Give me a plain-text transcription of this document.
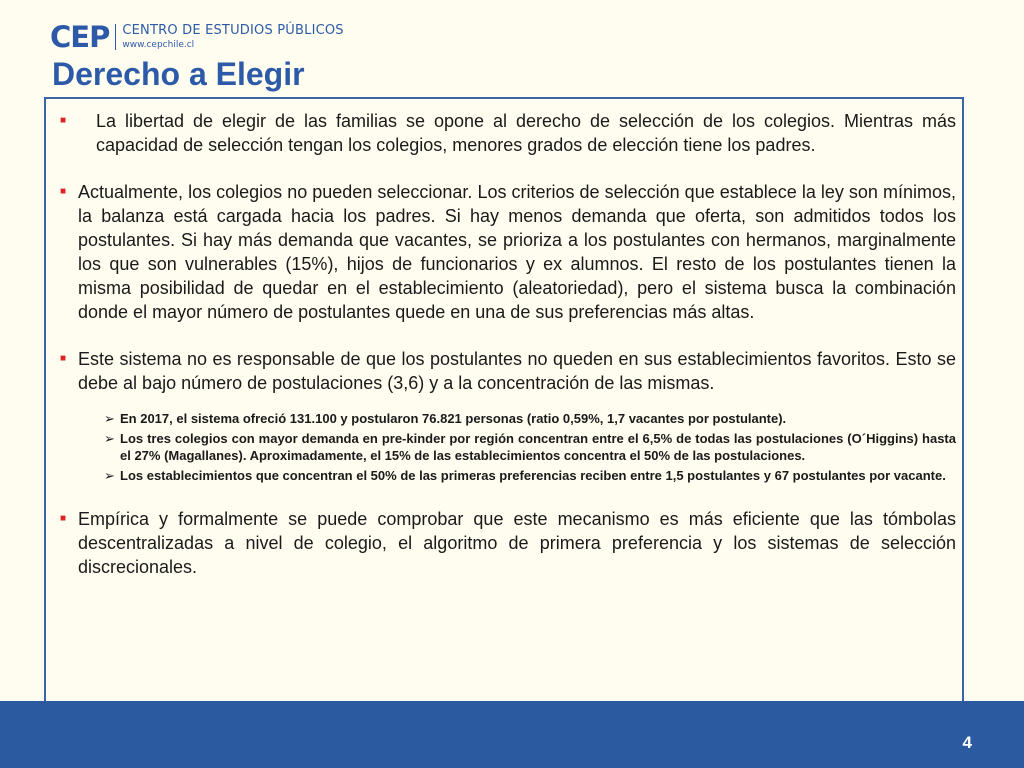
CEP CENTRO DE ESTUDIOS PÚBLICOS
www.cepchile.cl
Derecho a Elegir
■ La libertad de elegir de las familias se opone al derecho de selección de los colegios. Mientras más capacidad de selección tengan los colegios, menores grados de elección tiene los padres.
■ Actualmente, los colegios no pueden seleccionar. Los criterios de selección que establece la ley son mínimos, la balanza está cargada hacia los padres. Si hay menos demanda que oferta, son admitidos todos los postulantes. Si hay más demanda que vacantes, se prioriza a los postulantes con hermanos, marginalmente los que son vulnerables (15%), hijos de funcionarios y ex alumnos. El resto de los postulantes tienen la misma posibilidad de quedar en el establecimiento (aleatoriedad), pero el sistema busca la combinación donde el mayor número de postulantes quede en una de sus preferencias más altas.
■ Este sistema no es responsable de que los postulantes no queden en sus establecimientos favoritos. Esto se debe al bajo número de postulaciones (3,6) y a la concentración de las mismas.
➢ En 2017, el sistema ofreció 131.100 y postularon 76.821 personas (ratio 0,59%, 1,7 vacantes por postulante).
➢ Los tres colegios con mayor demanda en pre-kinder por región concentran entre el 6,5% de todas las postulaciones (O´Higgins) hasta el 27% (Magallanes). Aproximadamente, el 15% de las establecimientos concentra el 50% de las postulaciones.
➢ Los establecimientos que concentran el 50% de las primeras preferencias reciben entre 1,5 postulantes y 67 postulantes por vacante.
■ Empírica y formalmente se puede comprobar que este mecanismo es más eficiente que las tómbolas descentralizadas a nivel de colegio, el algoritmo de primera preferencia y los sistemas de selección discrecionales.
4
